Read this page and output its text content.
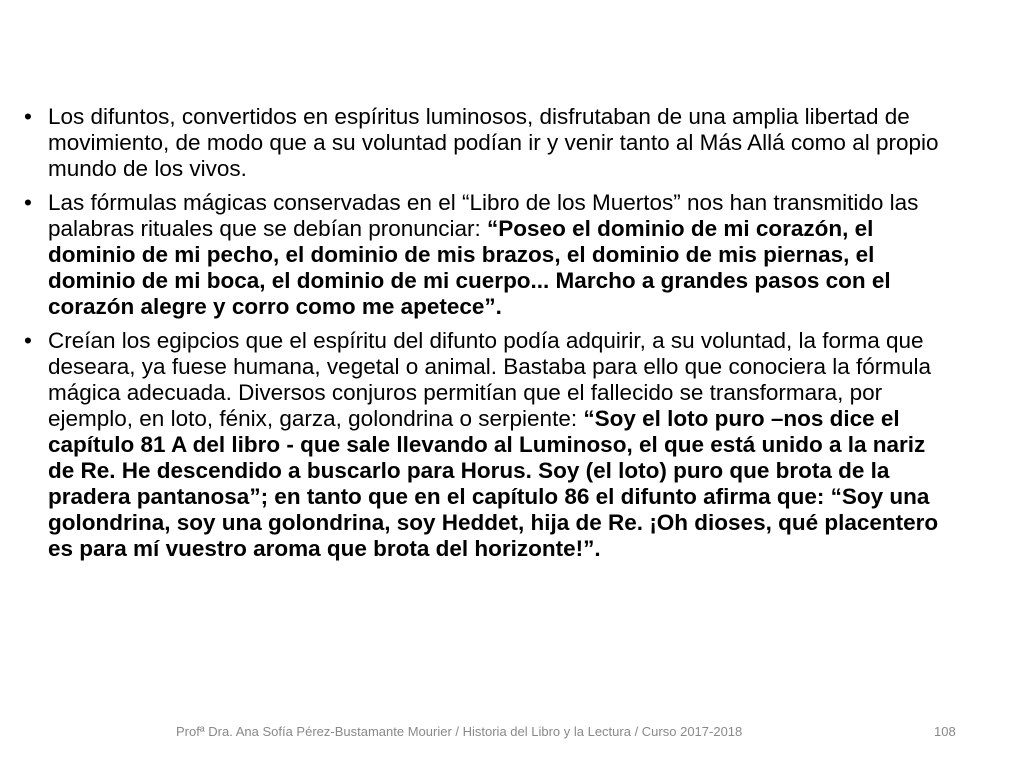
• Los difuntos, convertidos en espíritus luminosos, disfrutaban de una amplia libertad de movimiento, de modo que a su voluntad podían ir y venir tanto al Más Allá como al propio mundo de los vivos.
• Las fórmulas mágicas conservadas en el “Libro de los Muertos” nos han transmitido las palabras rituales que se debían pronunciar: “Poseo el dominio de mi corazón, el dominio de mi pecho, el dominio de mis brazos, el dominio de mis piernas, el dominio de mi boca, el dominio de mi cuerpo... Marcho a grandes pasos con el corazón alegre y corro como me apetece”.
• Creían los egipcios que el espíritu del difunto podía adquirir, a su voluntad, la forma que deseara, ya fuese humana, vegetal o animal. Bastaba para ello que conociera la fórmula mágica adecuada. Diversos conjuros permitían que el fallecido se transformara, por ejemplo, en loto, fénix, garza, golondrina o serpiente: “Soy el loto puro –nos dice el capítulo 81 A del libro - que sale llevando al Luminoso, el que está unido a la nariz de Re. He descendido a buscarlo para Horus. Soy (el loto) puro que brota de la pradera pantanosa”; en tanto que en el capítulo 86 el difunto afirma que: “Soy una golondrina, soy una golondrina, soy Heddet, hija de Re. ¡Oh dioses, qué placentero es para mí vuestro aroma que brota del horizonte!”.
Profª Dra. Ana Sofía Pérez-Bustamante Mourier / Historia del Libro y la Lectura / Curso 2017-2018	108
